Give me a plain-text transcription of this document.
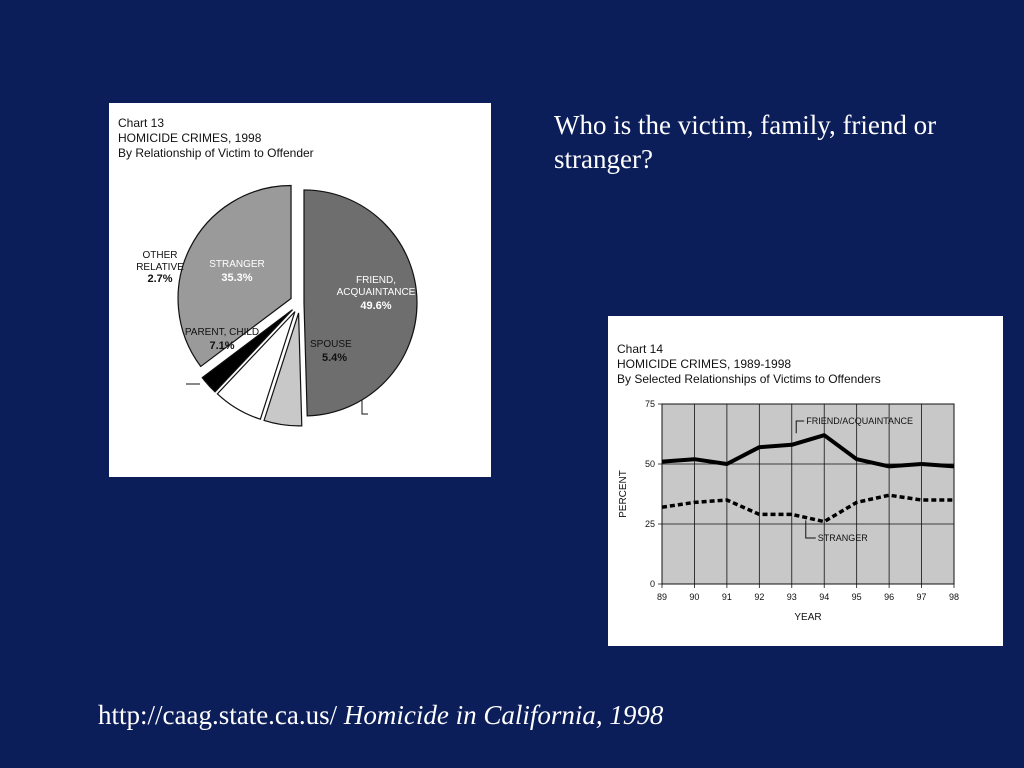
Chart 13
HOMICIDE CRIMES, 1998
By Relationship of Victim to Offender
FRIEND,
ACQUAINTANCE
49.6%
SPOUSE
5.4%
PARENT, CHILD
7.1%
OTHER
RELATIVE
2.7%
STRANGER
35.3%
Chart 14
HOMICIDE CRIMES, 1989-1998
By Selected Relationships of Victims to Offenders
89 90 91 92 93 94 95 96 97 98
0
25
50
75
YEAR
PERCENT
FRIEND/ACQUAINTANCE
STRANGER
Who is the victim, family, friend or stranger?
http://caag.state.ca.us/ Homicide in California, 1998
